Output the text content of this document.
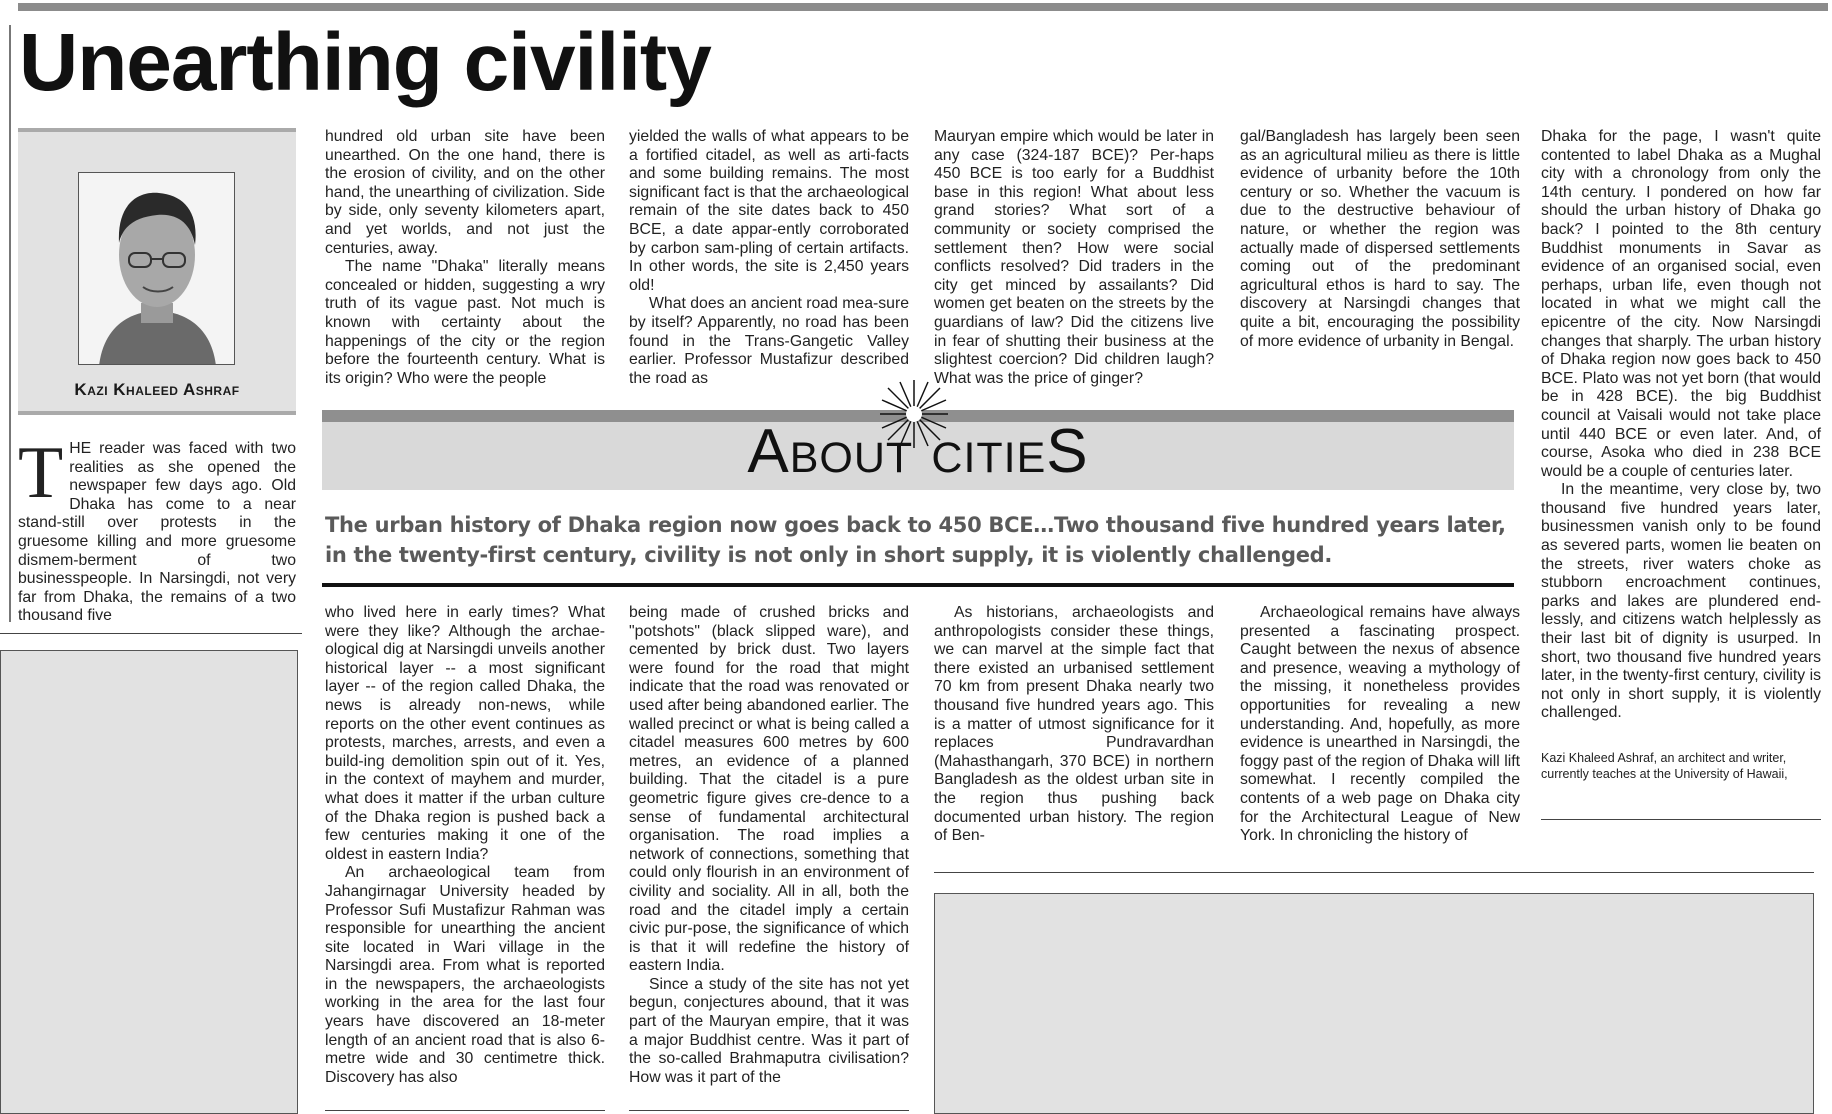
Unearthing civility
Kazi Khaleed Ashraf
THE reader was faced with two realities as she opened the newspaper few days ago. Old Dhaka has come to a near stand-still over protests in the gruesome killing and more gruesome dismem-berment of two businesspeople. In Narsingdi, not very far from Dhaka, the remains of a two thousand five

hundred old urban site have been unearthed. On the one hand, there is the erosion of civility, and on the other hand, the unearthing of civilization. Side by side, only seventy kilometers apart, and yet worlds, and not just the centuries, away.

The name "Dhaka" literally means concealed or hidden, suggesting a wry truth of its vague past. Not much is known with certainty about the happenings of the city or the region before the fourteenth century. What is its origin? Who were the people

yielded the walls of what appears to be a fortified citadel, as well as arti-facts and some building remains. The most significant fact is that the archaeological remain of the site dates back to 450 BCE, a date appar-ently corroborated by carbon sam-pling of certain artifacts. In other words, the site is 2,450 years old!

What does an ancient road mea-sure by itself? Apparently, no road has been found in the Trans-Gangetic Valley earlier. Professor Mustafizur described the road as

Mauryan empire which would be later in any case (324-187 BCE)? Per-haps 450 BCE is too early for a Buddhist base in this region! What about less grand stories? What sort of a community or society comprised the settlement then? How were social conflicts resolved? Did traders in the city get minced by assailants? Did women get beaten on the streets by the guardians of law? Did the citizens live in fear of shutting their business at the slightest coercion? Did children laugh? What was the price of ginger?

gal/Bangladesh has largely been seen as an agricultural milieu as there is little evidence of urbanity before the 10th century or so. Whether the vacuum is due to the destructive behaviour of nature, or whether the region was actually made of dispersed settlements coming out of the predominant agricultural ethos is hard to say. The discovery at Narsingdi changes that quite a bit, encouraging the possibility of more evidence of urbanity in Bengal.

About citieS
The urban history of Dhaka region now goes back to 450 BCE…Two thousand five hundred years later, in the twenty-first century, civility is not only in short supply, it is violently challenged.

who lived here in early times? What were they like? Although the archae-ological dig at Narsingdi unveils another historical layer -- a most significant layer -- of the region called Dhaka, the news is already non-news, while reports on the other event continues as protests, marches, arrests, and even a build-ing demolition spin out of it. Yes, in the context of mayhem and murder, what does it matter if the urban culture of the Dhaka region is pushed back a few centuries making it one of the oldest in eastern India?

An archaeological team from Jahangirnagar University headed by Professor Sufi Mustafizur Rahman was responsible for unearthing the ancient site located in Wari village in the Narsingdi area. From what is reported in the newspapers, the archaeologists working in the area for the last four years have discovered an 18-meter length of an ancient road that is also 6-metre wide and 30 centimetre thick. Discovery has also

being made of crushed bricks and "potshots" (black slipped ware), and cemented by brick dust. Two layers were found for the road that might indicate that the road was renovated or used after being abandoned earlier. The walled precinct or what is being called a citadel measures 600 metres by 600 metres, an evidence of a planned building. That the citadel is a pure geometric figure gives cre-dence to a sense of fundamental architectural organisation. The road implies a network of connections, something that could only flourish in an environment of civility and sociality. All in all, both the road and the citadel imply a certain civic pur-pose, the significance of which is that it will redefine the history of eastern India.

Since a study of the site has not yet begun, conjectures abound, that it was part of the Mauryan empire, that it was a major Buddhist centre. Was it part of the so-called Brahmaputra civilisation? How was it part of the

As historians, archaeologists and anthropologists consider these things, we can marvel at the simple fact that there existed an urbanised settlement 70 km from present Dhaka nearly two thousand five hundred years ago. This is a matter of utmost significance for it replaces Pundravardhan (Mahasthangarh, 370 BCE) in northern Bangladesh as the oldest urban site in the region thus pushing back documented urban history. The region of Ben-

Archaeological remains have always presented a fascinating prospect. Caught between the nexus of absence and presence, weaving a mythology of the missing, it nonetheless provides opportunities for revealing a new understanding. And, hopefully, as more evidence is unearthed in Narsingdi, the foggy past of the region of Dhaka will lift somewhat. I recently compiled the contents of a web page on Dhaka city for the Architectural League of New York. In chronicling the history of

Dhaka for the page, I wasn't quite contented to label Dhaka as a Mughal city with a chronology from only the 14th century. I pondered on how far should the urban history of Dhaka go back? I pointed to the 8th century Buddhist monuments in Savar as evidence of an organised social, even perhaps, urban life, even though not located in what we might call the epicentre of the city. Now Narsingdi changes that sharply. The urban history of Dhaka region now goes back to 450 BCE. Plato was not yet born (that would be in 428 BCE). the big Buddhist council at Vaisali would not take place until 440 BCE or even later. And, of course, Asoka who died in 238 BCE would be a couple of centuries later.

In the meantime, very close by, two thousand five hundred years later, businessmen vanish only to be found as severed parts, women lie beaten on the streets, river waters choke as stubborn encroachment continues, parks and lakes are plundered end-lessly, and citizens watch helplessly as their last bit of dignity is usurped. In short, two thousand five hundred years later, in the twenty-first century, civility is not only in short supply, it is violently challenged.

Kazi Khaleed Ashraf, an architect and writer, currently teaches at the University of Hawaii,
